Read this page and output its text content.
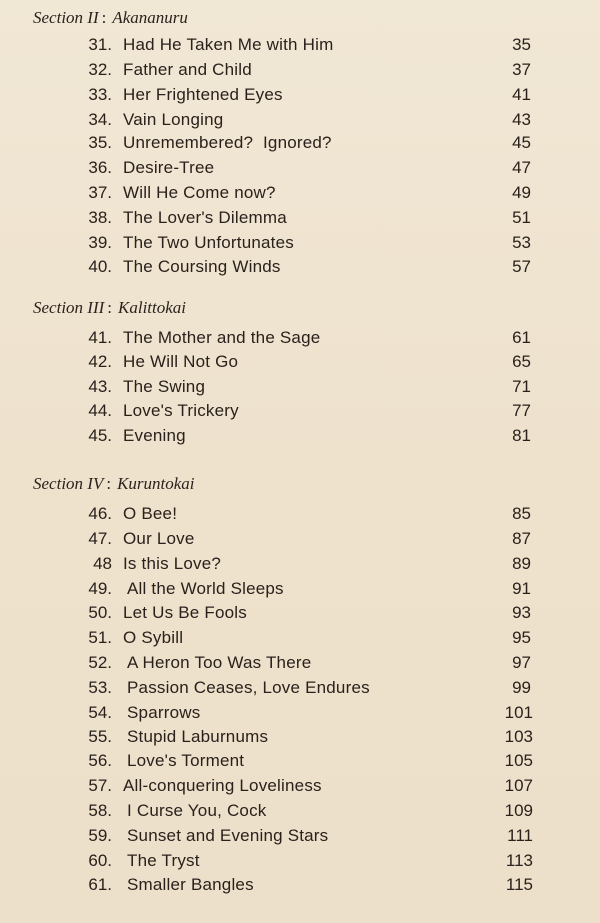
Section II : Akananuru
31. Had He Taken Me with Him	35
32. Father and Child	37
33. Her Frightened Eyes	41
34. Vain Longing	43
35. Unremembered?  Ignored?	45
36. Desire-Tree	47
37. Will He Come now?	49
38. The Lover's Dilemma	51
39. The Two Unfortunates	53
40. The Coursing Winds	57
Section III : Kalittokai
41. The Mother and the Sage	61
42. He Will Not Go	65
43. The Swing	71
44. Love's Trickery	77
45. Evening	81
Section IV : Kuruntokai
46. O Bee!	85
47. Our Love	87
48 Is this Love?	89
49. All the World Sleeps	91
50. Let Us Be Fools	93
51. O Sybill	95
52. A Heron Too Was There	97
53. Passion Ceases, Love Endures	99
54. Sparrows	101
55. Stupid Laburnums	103
56. Love's Torment	105
57. All-conquering Loveliness	107
58. I Curse You, Cock	109
59. Sunset and Evening Stars	111
60. The Tryst	113
61. Smaller Bangles	115
